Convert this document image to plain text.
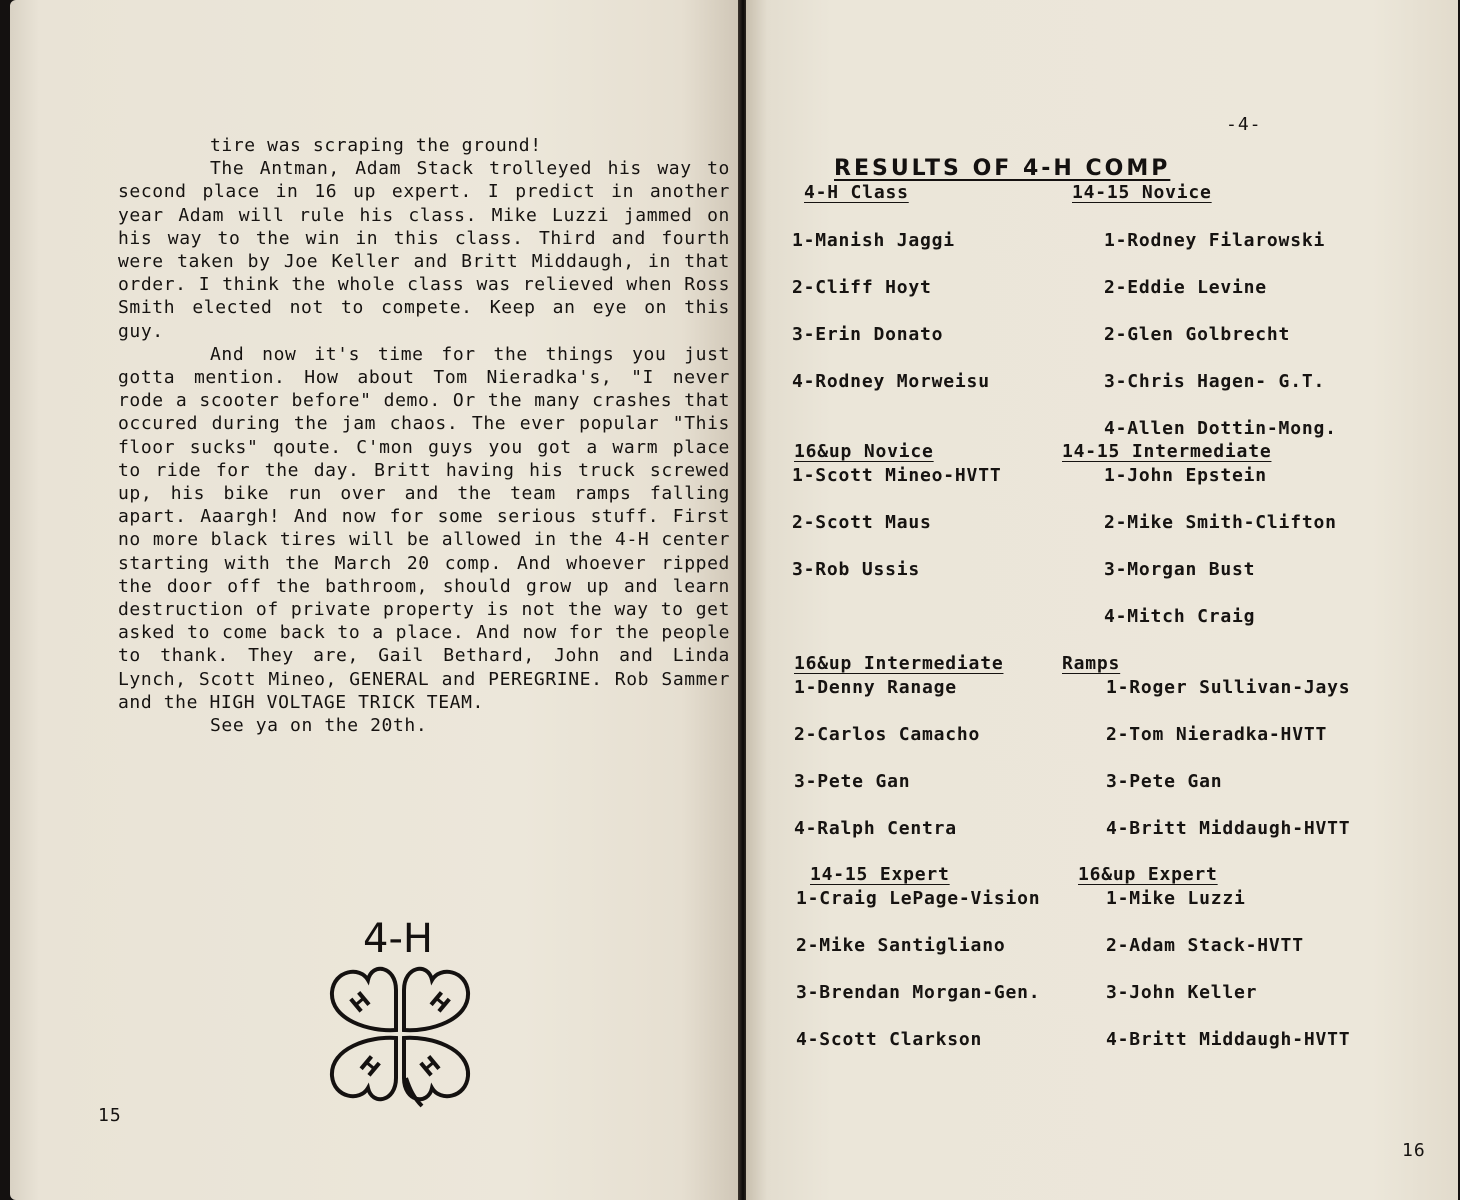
tire was scraping the ground!

The Antman, Adam Stack trolleyed his way to second place in 16 up expert. I predict in another year Adam will rule his class. Mike Luzzi jammed on his way to the win in this class. Third and fourth were taken by Joe Keller and Britt Middaugh, in that order. I think the whole class was relieved when Ross Smith elected not to compete. Keep an eye on this guy.

And now it's time for the things you just gotta mention. How about Tom Nieradka's, "I never rode a scooter before" demo. Or the many crashes that occured during the jam chaos. The ever popular "This floor sucks" qoute. C'mon guys you got a warm place to ride for the day. Britt having his truck screwed up, his bike run over and the team ramps falling apart. Aaargh! And now for some serious stuff. First no more black tires will be allowed in the 4-H center starting with the March 20 comp. And whoever ripped the door off the bathroom, should grow up and learn destruction of private property is not the way to get asked to come back to a place. And now for the people to thank. They are, Gail Bethard, John and Linda Lynch, Scott Mineo, GENERAL and PEREGRINE. Rob Sammer and the HIGH VOLTAGE TRICK TEAM.

See ya on the 20th.

4-H
H H
H H
15
-4-
RESULTS OF 4-H COMP
4-H Class
1-Manish Jaggi
2-Cliff Hoyt
3-Erin Donato
4-Rodney Morweisu
14-15 Novice
1-Rodney Filarowski
2-Eddie Levine
2-Glen Golbrecht
3-Chris Hagen- G.T.
4-Allen Dottin-Mong.
16&up Novice
1-Scott Mineo-HVTT
2-Scott Maus
3-Rob Ussis
14-15 Intermediate
1-John Epstein
2-Mike Smith-Clifton
3-Morgan Bust
4-Mitch Craig
16&up Intermediate
1-Denny Ranage
2-Carlos Camacho
3-Pete Gan
4-Ralph Centra
Ramps
1-Roger Sullivan-Jays
2-Tom Nieradka-HVTT
3-Pete Gan
4-Britt Middaugh-HVTT
14-15 Expert
1-Craig LePage-Vision
2-Mike Santigliano
3-Brendan Morgan-Gen.
4-Scott Clarkson
16&up Expert
1-Mike Luzzi
2-Adam Stack-HVTT
3-John Keller
4-Britt Middaugh-HVTT
16
